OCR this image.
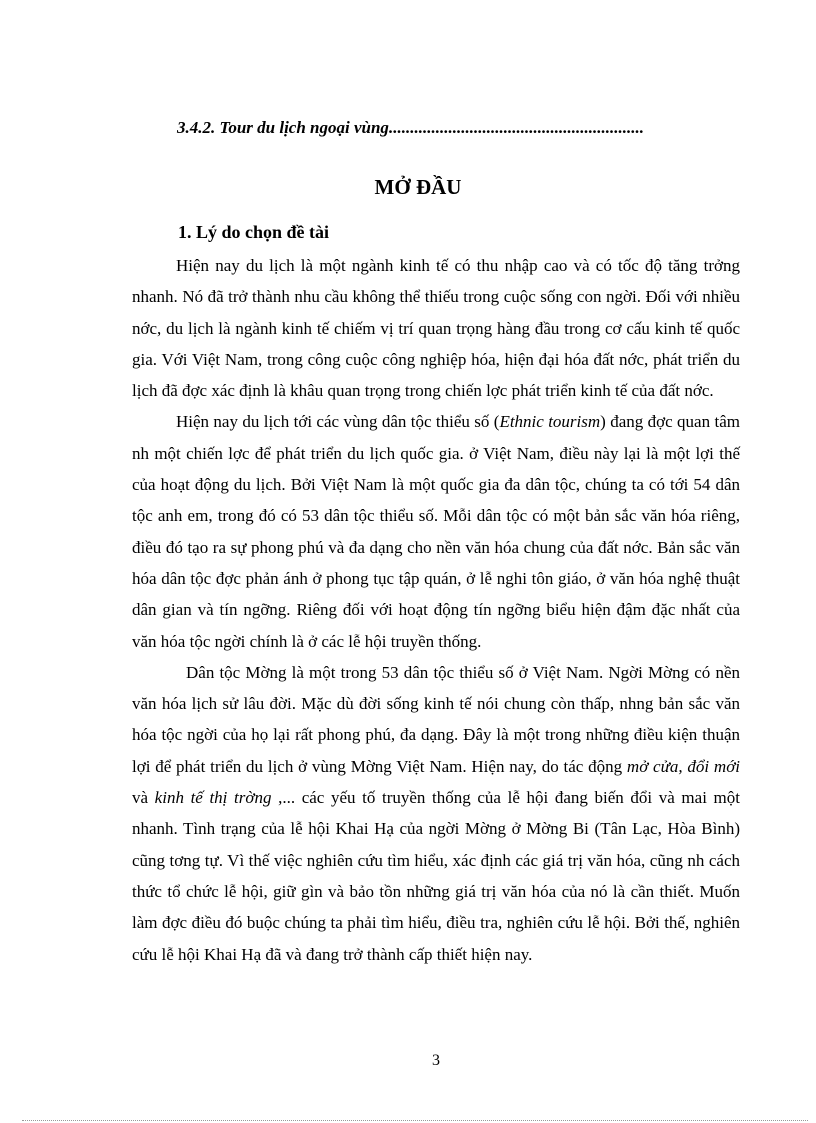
3.4.2. Tour du lịch ngoại vùng............................................................
MỞ ĐẦU
1. Lý do chọn đề tài

Hiện nay du lịch là một ngành kinh tế có thu nhập cao và có tốc độ tăng trởng nhanh. Nó đã trở thành nhu cầu không thể thiếu trong cuộc sống con ngời. Đối với nhiều nớc, du lịch là ngành kinh tế chiếm vị trí quan trọng hàng đầu trong cơ cấu kinh tế quốc gia. Với Việt Nam, trong công cuộc công nghiệp hóa, hiện đại hóa đất nớc, phát triển du lịch đã đợc xác định là khâu quan trọng trong chiến lợc phát triển kinh tế của đất nớc.

Hiện nay du lịch tới các vùng dân tộc thiểu số (Ethnic tourism) đang đợc quan tâm nh một chiến lợc để phát triển du lịch quốc gia. ở Việt Nam, điều này lại là một lợi thế của hoạt động du lịch. Bởi Việt Nam là một quốc gia đa dân tộc, chúng ta có tới 54 dân tộc anh em, trong đó có 53 dân tộc thiểu số. Mỗi dân tộc có một bản sắc văn hóa riêng, điều đó tạo ra sự phong phú và đa dạng cho nền văn hóa chung của đất nớc. Bản sắc văn hóa dân tộc đợc phản ánh ở phong tục tập quán, ở lễ nghi tôn giáo, ở văn hóa nghệ thuật dân gian và tín ngỡng. Riêng đối với hoạt động tín ngỡng biểu hiện đậm đặc nhất của văn hóa tộc ngời chính là ở các lễ hội truyền thống.

Dân tộc Mờng là một trong 53 dân tộc thiểu số ở Việt Nam. Ngời Mờng có nền văn hóa lịch sử lâu đời. Mặc dù đời sống kinh tế nói chung còn thấp, nhng bản sắc văn hóa tộc ngời của họ lại rất phong phú, đa dạng. Đây là một trong những điều kiện thuận lợi để phát triển du lịch ở vùng Mờng Việt Nam. Hiện nay, do tác động mở cửa, đổi mới và kinh tế thị trờng ,... các yếu tố truyền thống của lễ hội đang biến đổi và mai một nhanh. Tình trạng của lễ hội Khai Hạ của ngời Mờng ở Mờng Bi (Tân Lạc, Hòa Bình) cũng tơng tự. Vì thế việc nghiên cứu tìm hiểu, xác định các giá trị văn hóa, cũng nh cách thức tổ chức lễ hội, giữ gìn và bảo tồn những giá trị văn hóa của nó là cần thiết. Muốn làm đợc điều đó buộc chúng ta phải tìm hiểu, điều tra, nghiên cứu lễ hội. Bởi thế, nghiên cứu lễ hội Khai Hạ đã và đang trở thành cấp thiết hiện nay.

3
